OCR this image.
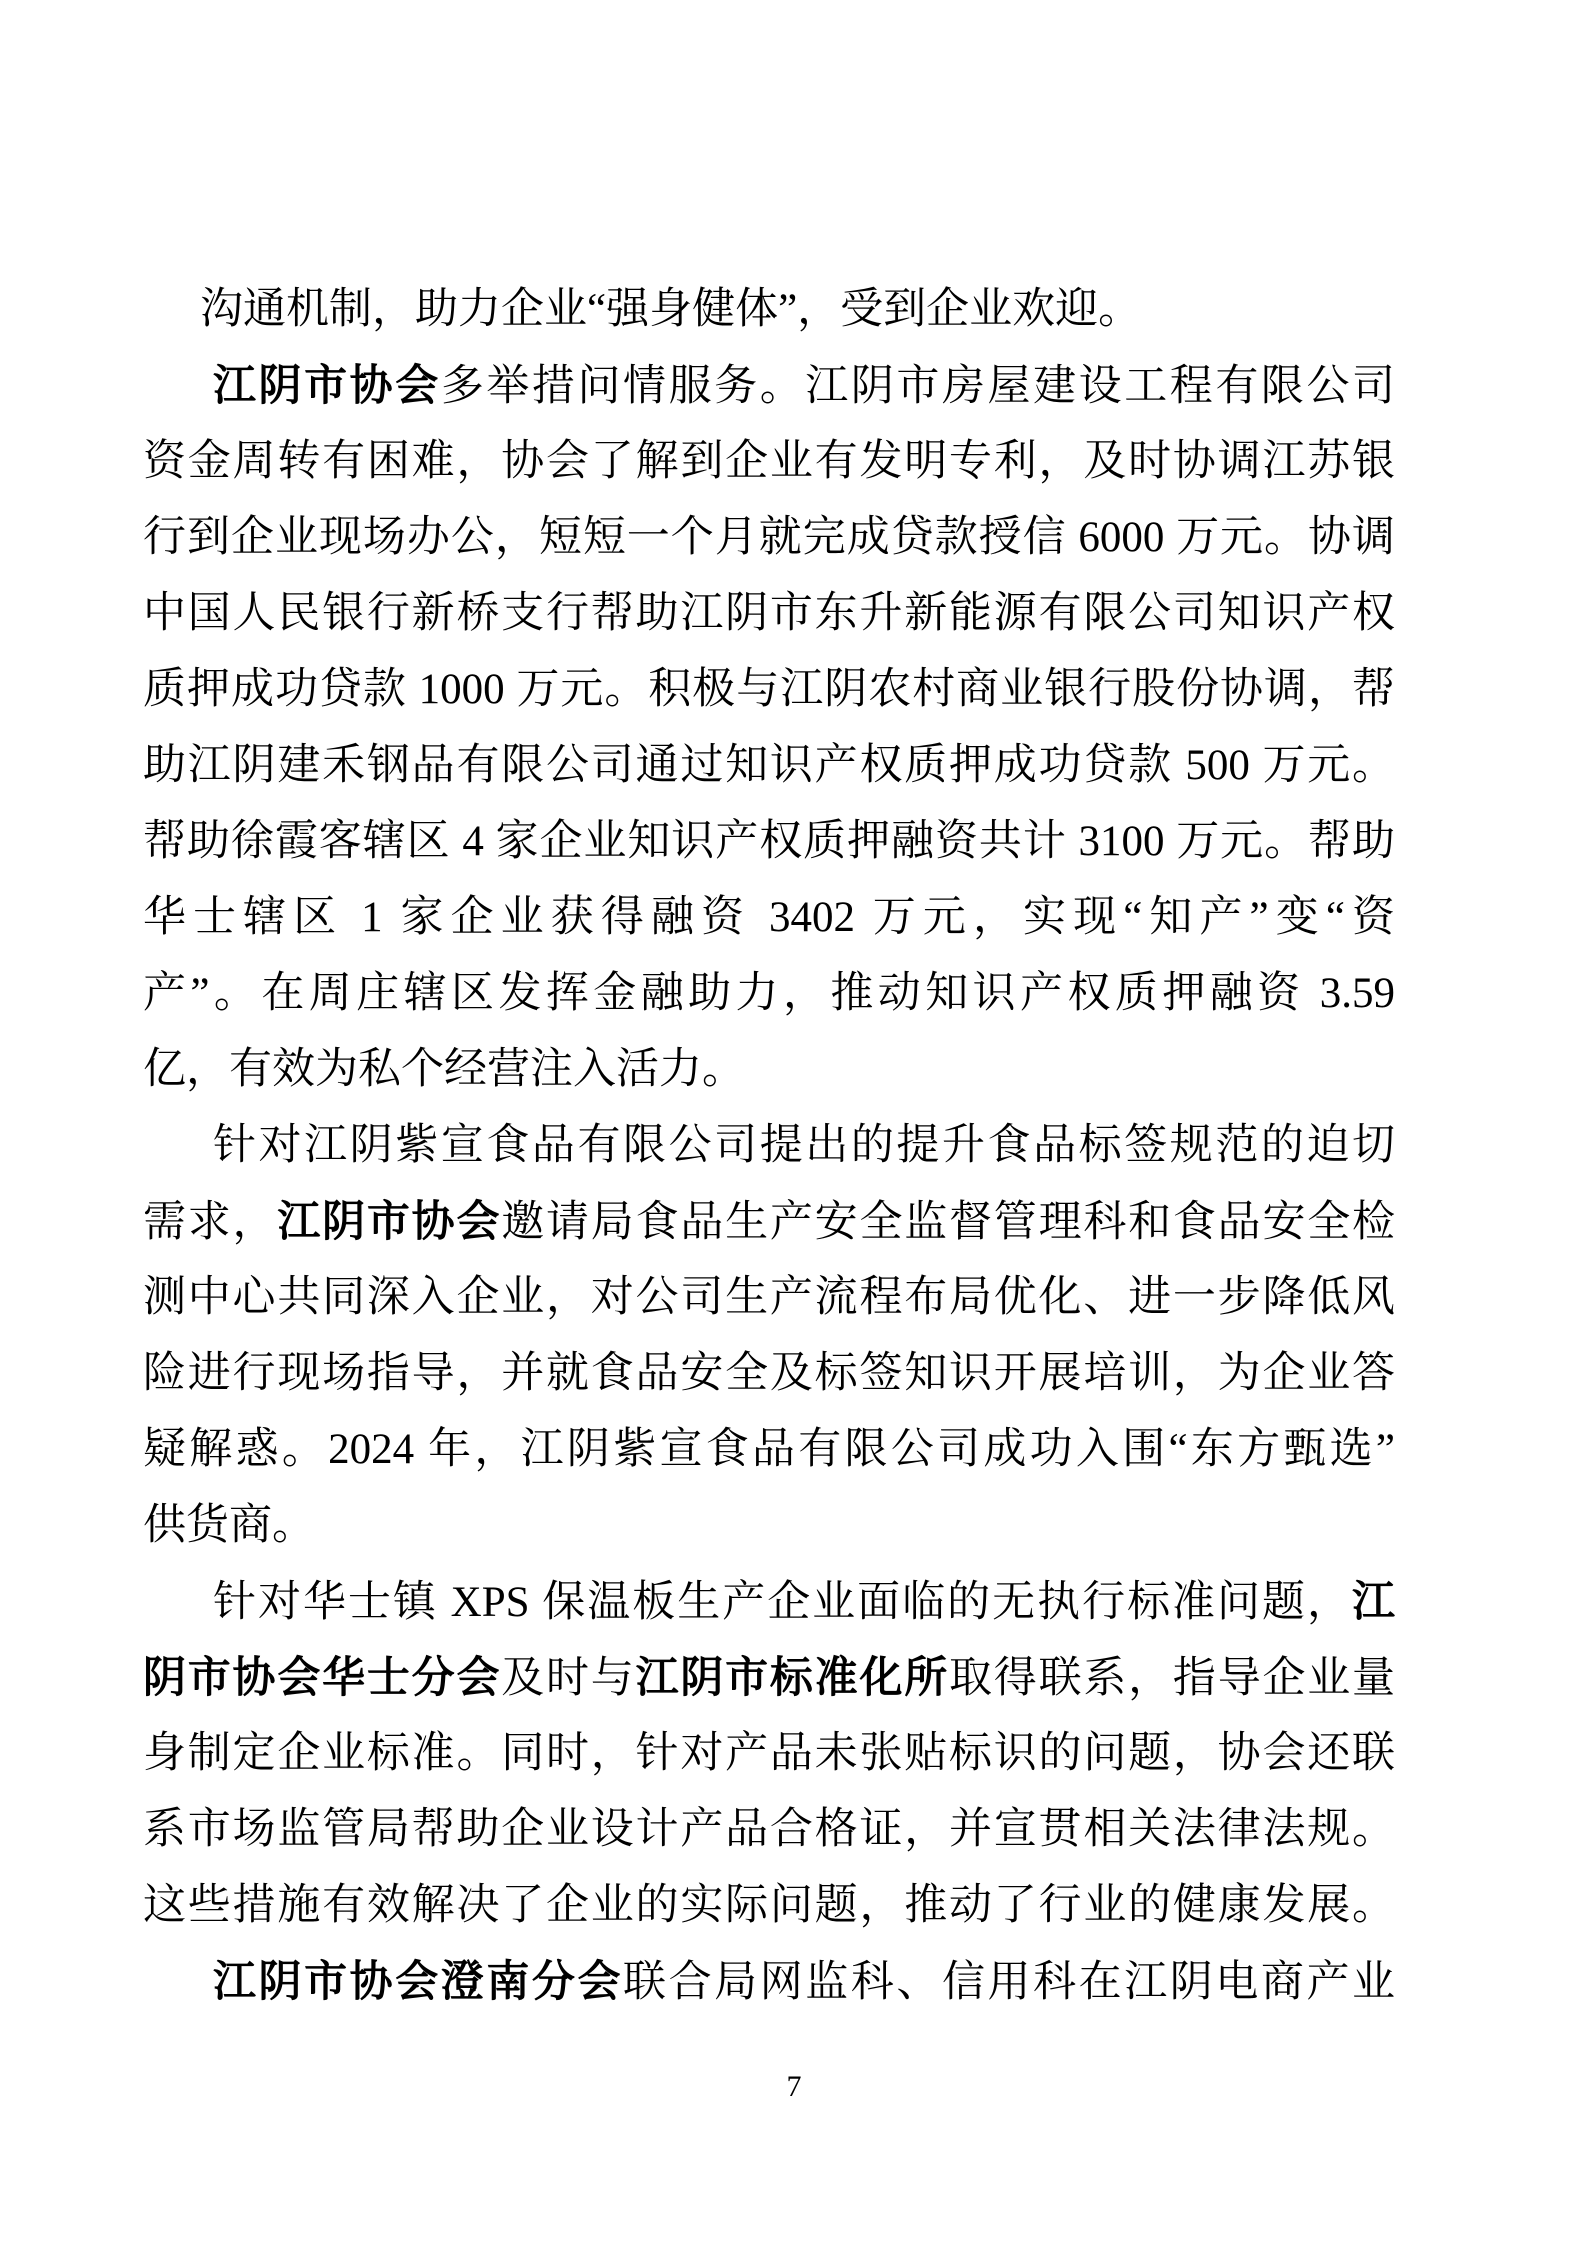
沟通机制，助力企业“强身健体”，受到企业欢迎。
江阴市协会多举措问情服务。江阴市房屋建设工程有限公司
资金周转有困难，协会了解到企业有发明专利，及时协调江苏银
行到企业现场办公，短短一个月就完成贷款授信 6000 万元。协调
中国人民银行新桥支行帮助江阴市东升新能源有限公司知识产权
质押成功贷款 1000 万元。积极与江阴农村商业银行股份协调，帮
助江阴建禾钢品有限公司通过知识产权质押成功贷款 500 万元。
帮助徐霞客辖区 4 家企业知识产权质押融资共计 3100 万元。帮助
华士辖区 1 家企业获得融资 3402 万元，实现“知产”变“资
产”。在周庄辖区发挥金融助力，推动知识产权质押融资 3.59
亿，有效为私个经营注入活力。
针对江阴紫宣食品有限公司提出的提升食品标签规范的迫切
需求，江阴市协会邀请局食品生产安全监督管理科和食品安全检
测中心共同深入企业，对公司生产流程布局优化、进一步降低风
险进行现场指导，并就食品安全及标签知识开展培训，为企业答
疑解惑。2024 年，江阴紫宣食品有限公司成功入围“东方甄选”
供货商。
针对华士镇 XPS 保温板生产企业面临的无执行标准问题，江
阴市协会华士分会及时与江阴市标准化所取得联系，指导企业量
身制定企业标准。同时，针对产品未张贴标识的问题，协会还联
系市场监管局帮助企业设计产品合格证，并宣贯相关法律法规。
这些措施有效解决了企业的实际问题，推动了行业的健康发展。
江阴市协会澄南分会联合局网监科、信用科在江阴电商产业
7
